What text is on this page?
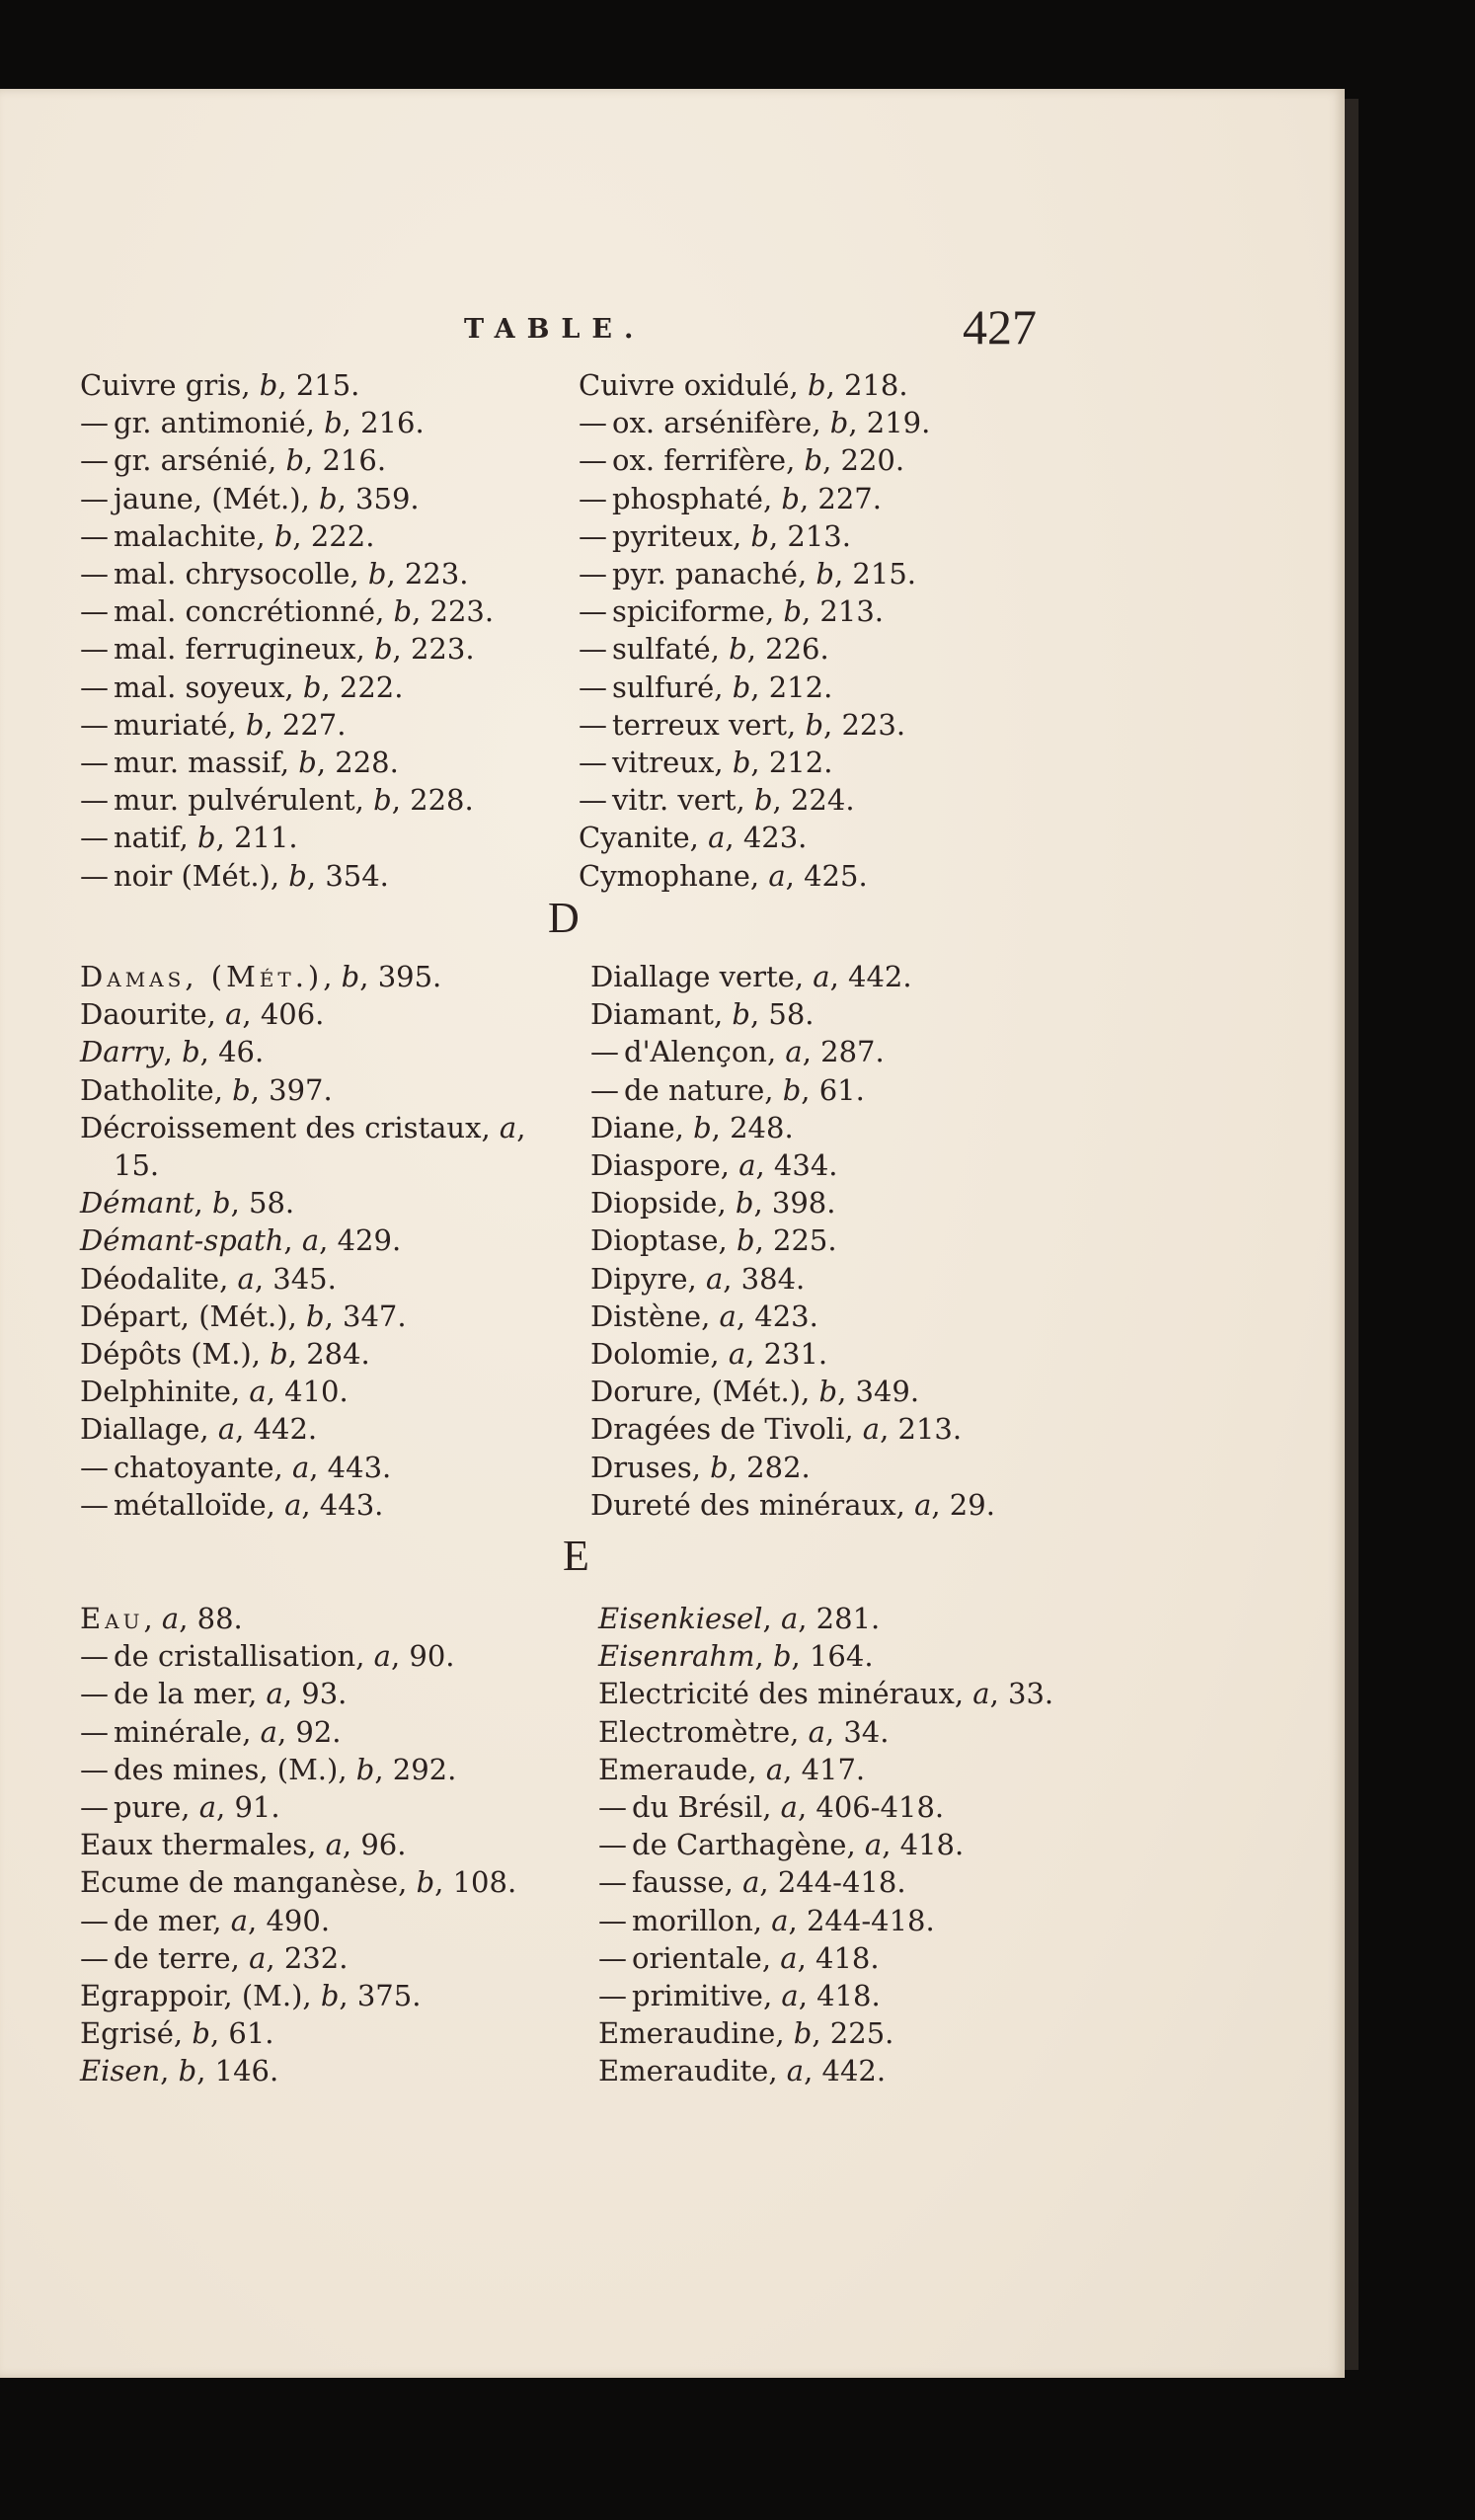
TABLE.	427
Cuivre gris, b, 215.
— gr. antimonié, b, 216.
— gr. arsénié, b, 216.
— jaune, (Mét.), b, 359.
— malachite, b, 222.
— mal. chrysocolle, b, 223.
— mal. concrétionné, b, 223.
— mal. ferrugineux, b, 223.
— mal. soyeux, b, 222.
— muriaté, b, 227.
— mur. massif, b, 228.
— mur. pulvérulent, b, 228.
— natif, b, 211.
— noir (Mét.), b, 354.
Cuivre oxidulé, b, 218.
— ox. arsénifère, b, 219.
— ox. ferrifère, b, 220.
— phosphaté, b, 227.
— pyriteux, b, 213.
— pyr. panaché, b, 215.
— spiciforme, b, 213.
— sulfaté, b, 226.
— sulfuré, b, 212.
— terreux vert, b, 223.
— vitreux, b, 212.
— vitr. vert, b, 224.
Cyanite, a, 423.
Cymophane, a, 425.
D
Damas, (Mét.), b, 395.
Daourite, a, 406.
Darry, b, 46.
Datholite, b, 397.
Décroissement des cristaux, a, 15.
Démant, b, 58.
Démant-spath, a, 429.
Déodalite, a, 345.
Départ, (Mét.), b, 347.
Dépôts (M.), b, 284.
Delphinite, a, 410.
Diallage, a, 442.
— chatoyante, a, 443.
— métalloïde, a, 443.
Diallage verte, a, 442.
Diamant, b, 58.
— d'Alençon, a, 287.
— de nature, b, 61.
Diane, b, 248.
Diaspore, a, 434.
Diopside, b, 398.
Dioptase, b, 225.
Dipyre, a, 384.
Distène, a, 423.
Dolomie, a, 231.
Dorure, (Mét.), b, 349.
Dragées de Tivoli, a, 213.
Druses, b, 282.
Dureté des minéraux, a, 29.
E
Eau, a, 88.
— de cristallisation, a, 90.
— de la mer, a, 93.
— minérale, a, 92.
— des mines, (M.), b, 292.
— pure, a, 91.
Eaux thermales, a, 96.
Ecume de manganèse, b, 108.
— de mer, a, 490.
— de terre, a, 232.
Egrappoir, (M.), b, 375.
Egrisé, b, 61.
Eisen, b, 146.
Eisenkiesel, a, 281.
Eisenrahm, b, 164.
Electricité des minéraux, a, 33.
Electromètre, a, 34.
Emeraude, a, 417.
— du Brésil, a, 406-418.
— de Carthagène, a, 418.
— fausse, a, 244-418.
— morillon, a, 244-418.
— orientale, a, 418.
— primitive, a, 418.
Emeraudine, b, 225.
Emeraudite, a, 442.
